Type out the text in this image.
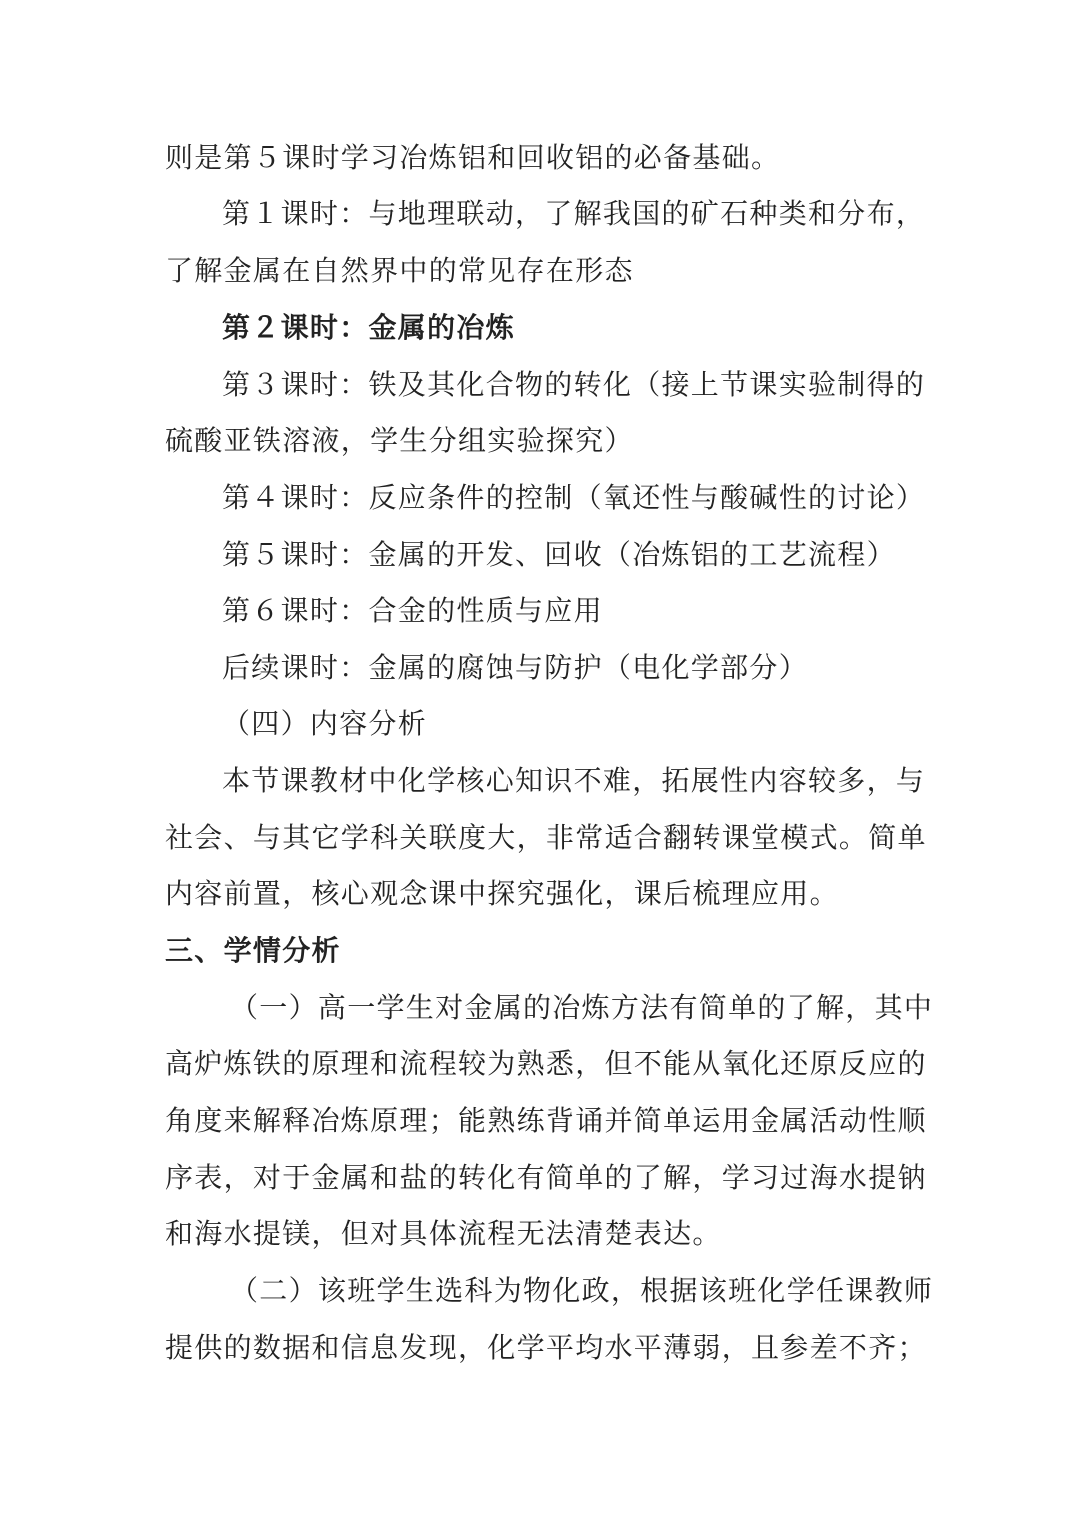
则是第５课时学习冶炼铝和回收铝的必备基础。
第１课时：与地理联动，了解我国的矿石种类和分布，
了解金属在自然界中的常见存在形态
第２课时：金属的冶炼
第３课时：铁及其化合物的转化（接上节课实验制得的
硫酸亚铁溶液，学生分组实验探究）
第４课时：反应条件的控制（氧还性与酸碱性的讨论）
第５课时：金属的开发、回收（冶炼铝的工艺流程）
第６课时：合金的性质与应用
后续课时：金属的腐蚀与防护（电化学部分）
（四）内容分析
本节课教材中化学核心知识不难，拓展性内容较多，与
社会、与其它学科关联度大，非常适合翻转课堂模式。简单
内容前置，核心观念课中探究强化，课后梳理应用。
三、学情分析
（一）高一学生对金属的冶炼方法有简单的了解，其中
高炉炼铁的原理和流程较为熟悉，但不能从氧化还原反应的
角度来解释冶炼原理；能熟练背诵并简单运用金属活动性顺
序表，对于金属和盐的转化有简单的了解，学习过海水提钠
和海水提镁，但对具体流程无法清楚表达。
（二）该班学生选科为物化政，根据该班化学任课教师
提供的数据和信息发现，化学平均水平薄弱，且参差不齐；
